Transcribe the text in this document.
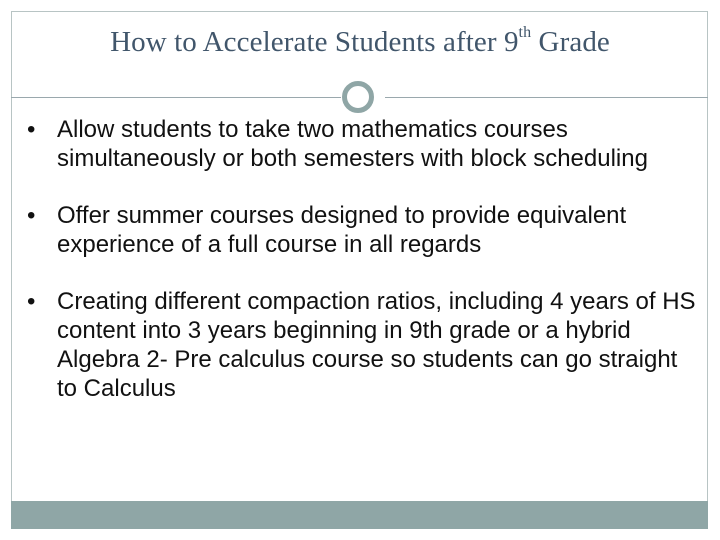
How to Accelerate Students after 9th Grade

• Allow students to take two mathematics courses simultaneously or both semesters with block scheduling

• Offer summer courses designed to provide equivalent experience of a full course in all regards

• Creating different compaction ratios, including 4 years of HS content into 3 years beginning in 9th grade or a hybrid Algebra 2- Pre calculus course so students can go straight to Calculus
